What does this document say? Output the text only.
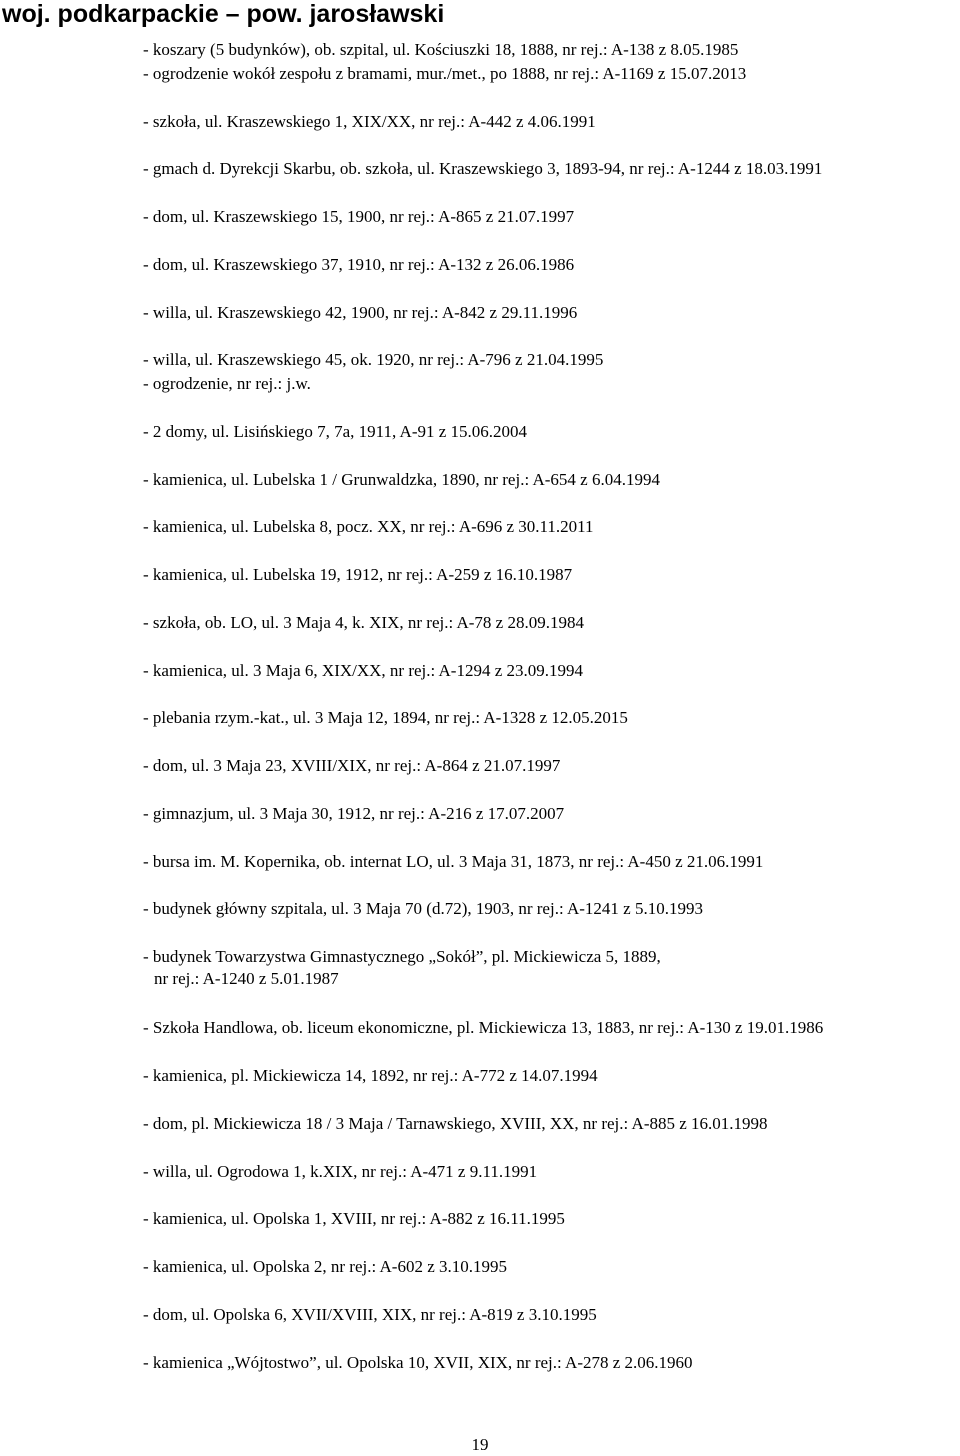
woj. podkarpackie – pow. jarosławski
- koszary (5 budynków), ob. szpital, ul. Kościuszki 18, 1888, nr rej.: A-138 z 8.05.1985
- ogrodzenie wokół zespołu z bramami, mur./met., po 1888, nr rej.: A-1169 z 15.07.2013
- szkoła, ul. Kraszewskiego 1, XIX/XX, nr rej.: A-442 z 4.06.1991
- gmach d. Dyrekcji Skarbu, ob. szkoła, ul. Kraszewskiego 3, 1893-94, nr rej.: A-1244 z 18.03.1991
- dom, ul. Kraszewskiego 15, 1900, nr rej.: A-865 z 21.07.1997
- dom, ul. Kraszewskiego 37, 1910, nr rej.: A-132 z 26.06.1986
- willa, ul. Kraszewskiego 42, 1900, nr rej.: A-842 z 29.11.1996
- willa, ul. Kraszewskiego 45, ok. 1920, nr rej.: A-796 z 21.04.1995
- ogrodzenie, nr rej.: j.w.
- 2 domy, ul. Lisińskiego 7, 7a, 1911, A-91 z 15.06.2004
- kamienica, ul. Lubelska 1 / Grunwaldzka, 1890, nr rej.: A-654 z 6.04.1994
- kamienica, ul. Lubelska 8, pocz. XX, nr rej.: A-696 z 30.11.2011
- kamienica, ul. Lubelska 19, 1912, nr rej.: A-259 z 16.10.1987
- szkoła, ob. LO, ul. 3 Maja 4, k. XIX, nr rej.: A-78 z 28.09.1984
- kamienica, ul. 3 Maja 6, XIX/XX, nr rej.: A-1294 z 23.09.1994
- plebania rzym.-kat., ul. 3 Maja 12, 1894, nr rej.: A-1328 z 12.05.2015
- dom, ul. 3 Maja 23, XVIII/XIX, nr rej.: A-864 z 21.07.1997
- gimnazjum, ul. 3 Maja 30, 1912, nr rej.: A-216 z 17.07.2007
- bursa im. M. Kopernika, ob. internat LO, ul. 3 Maja 31, 1873, nr rej.: A-450 z 21.06.1991
- budynek główny szpitala, ul. 3 Maja 70 (d.72), 1903, nr rej.: A-1241 z 5.10.1993
- budynek Towarzystwa Gimnastycznego „Sokół”, pl. Mickiewicza 5, 1889,
nr rej.: A-1240 z 5.01.1987
- Szkoła Handlowa, ob. liceum ekonomiczne, pl. Mickiewicza 13, 1883, nr rej.: A-130 z 19.01.1986
- kamienica, pl. Mickiewicza 14, 1892, nr rej.: A-772 z 14.07.1994
- dom, pl. Mickiewicza 18 / 3 Maja / Tarnawskiego, XVIII, XX, nr rej.: A-885 z 16.01.1998
- willa, ul. Ogrodowa 1, k.XIX, nr rej.: A-471 z 9.11.1991
- kamienica, ul. Opolska 1, XVIII, nr rej.: A-882 z 16.11.1995
- kamienica, ul. Opolska 2, nr rej.: A-602 z 3.10.1995
- dom, ul. Opolska 6, XVII/XVIII, XIX, nr rej.: A-819 z 3.10.1995
- kamienica „Wójtostwo”, ul. Opolska 10, XVII, XIX, nr rej.: A-278 z 2.06.1960
19
